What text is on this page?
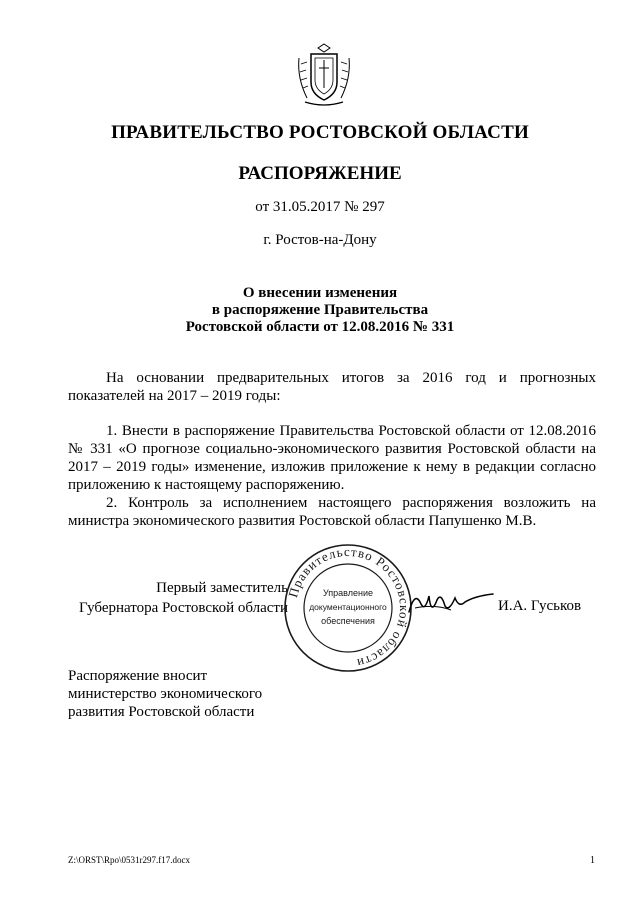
ПРАВИТЕЛЬСТВО РОСТОВСКОЙ ОБЛАСТИ
РАСПОРЯЖЕНИЕ
от 31.05.2017 № 297
г. Ростов-на-Дону
О внесении изменения
в распоряжение Правительства
Ростовской области от 12.08.2016 № 331
На основании предварительных итогов за 2016 год и прогнозных показателей на 2017 – 2019 годы:
1. Внести в распоряжение Правительства Ростовской области от 12.08.2016 № 331 «О прогнозе социально-экономического развития Ростовской области на 2017 – 2019 годы» изменение, изложив приложение к нему в редакции согласно приложению к настоящему распоряжению.
2. Контроль за исполнением настоящего распоряжения возложить на министра экономического развития Ростовской области Папушенко М.В.
Первый заместитель
Губернатора Ростовской области
Правительство Ростовской области
Управление
документационного
обеспечения
И.А. Гуськов
Распоряжение вносит
министерство экономического
развития Ростовской области
Z:\ORST\Rpo\0531r297.f17.docx	1
